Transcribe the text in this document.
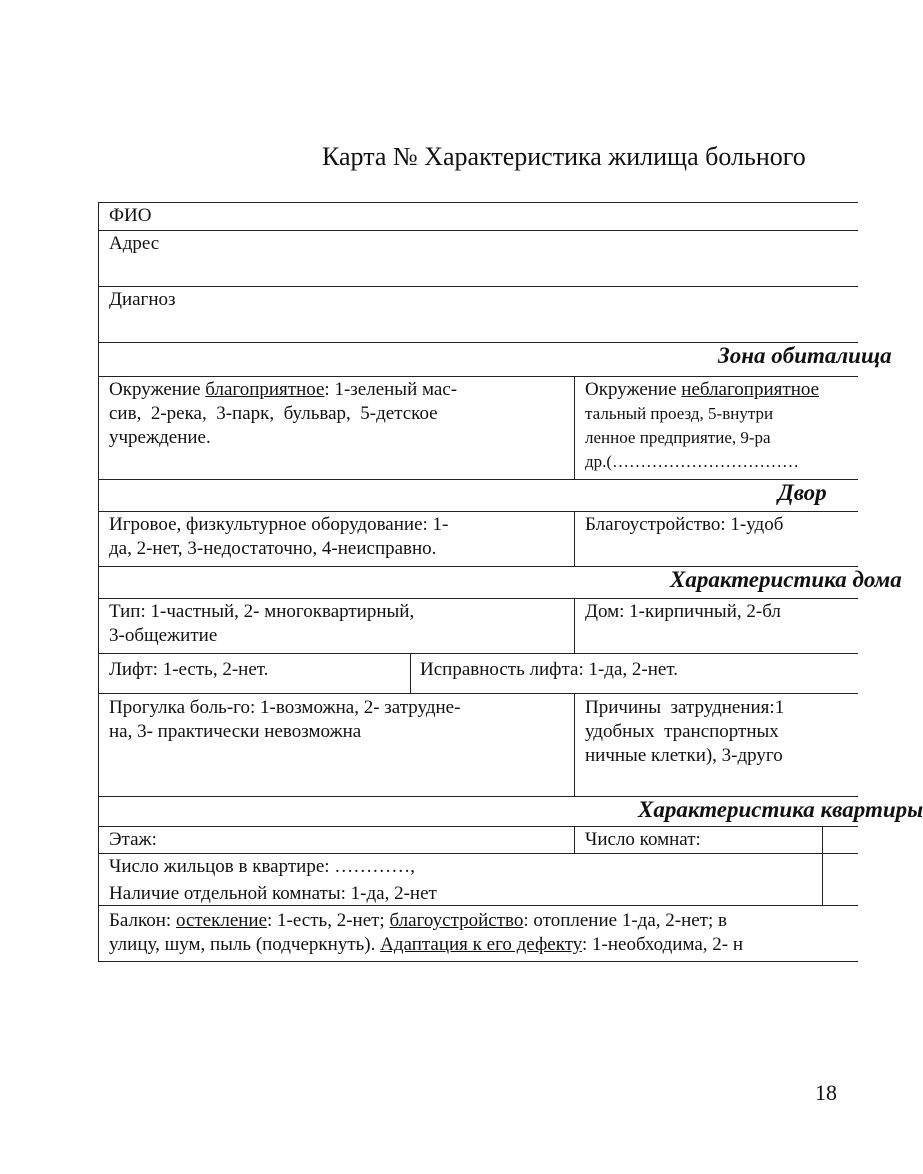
Карта № Характеристика жилища больного
ФИО
Адрес
Диагноз
Зона обиталища
Окружение благоприятное: 1-зеленый мас-
сив,  2-река,  3-парк,  бульвар,  5-детское
учреждение.
Окружение неблагоприятное
тальный проезд, 5-внутри
ленное предприятие, 9-ра
др.(……………………………
Двор
Игровое, физкультурное оборудование: 1-
да, 2-нет, 3-недостаточно, 4-неисправно.
Благоустройство: 1-удоб
Характеристика дома
Тип: 1-частный, 2- многоквартирный,
3-общежитие
Дом: 1-кирпичный, 2-бл
Лифт: 1-есть, 2-нет.	Исправность лифта: 1-да, 2-нет.
Прогулка боль-го: 1-возможна, 2- затрудне-
на, 3- практически невозможна
Причины  затруднения:1
удобных  транспортных
ничные клетки), 3-друго
Характеристика квартиры
Этаж:	Число комнат:
Число жильцов в квартире: …………,
Наличие отдельной комнаты: 1-да, 2-нет
Балкон: остекление: 1-есть, 2-нет; благоустройство: отопление 1-да, 2-нет; в
улицу, шум, пыль (подчеркнуть). Адаптация к его дефекту: 1-необходима, 2- н
18
